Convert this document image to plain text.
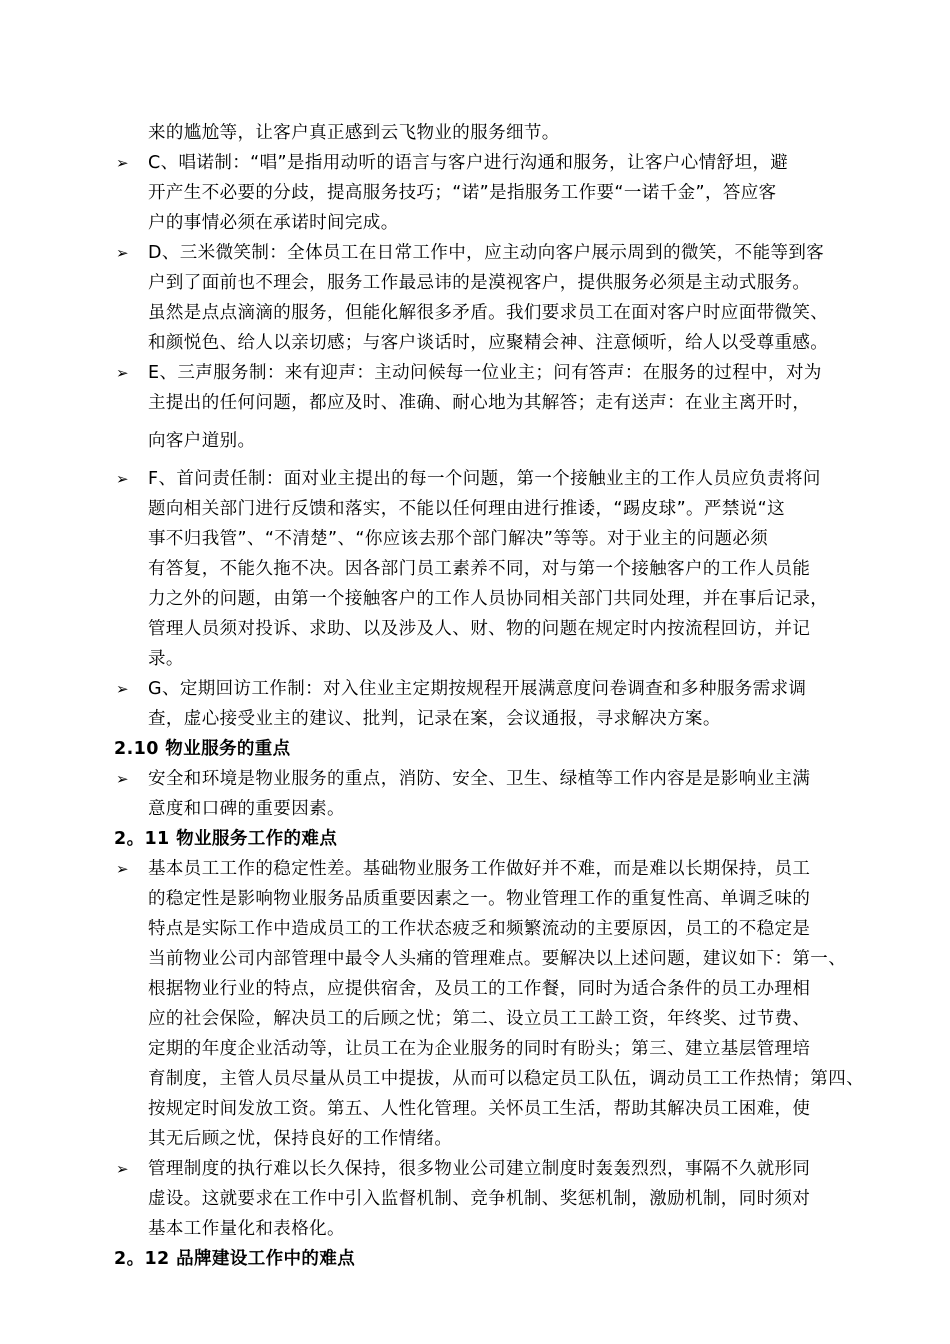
来的尴尬等，让客户真正感到云飞物业的服务细节。
➢	C、唱诺制：“唱”是指用动听的语言与客户进行沟通和服务，让客户心情舒坦，避
开产生不必要的分歧，提高服务技巧；“诺”是指服务工作要“一诺千金”，答应客
户的事情必须在承诺时间完成。
➢	D、三米微笑制：全体员工在日常工作中，应主动向客户展示周到的微笑，不能等到客
户到了面前也不理会，服务工作最忌讳的是漠视客户，提供服务必须是主动式服务。
虽然是点点滴滴的服务，但能化解很多矛盾。我们要求员工在面对客户时应面带微笑、
和颜悦色、给人以亲切感；与客户谈话时，应聚精会神、注意倾听，给人以受尊重感。
➢	E、三声服务制：来有迎声：主动问候每一位业主；问有答声：在服务的过程中，对为
主提出的任何问题，都应及时、准确、耐心地为其解答；走有送声：在业主离开时，
向客户道别。
➢	F、首问责任制：面对业主提出的每一个问题，第一个接触业主的工作人员应负责将问
题向相关部门进行反馈和落实，不能以任何理由进行推诿，“踢皮球”。严禁说“这
事不归我管”、“不清楚”、“你应该去那个部门解决”等等。对于业主的问题必须
有答复，不能久拖不决。因各部门员工素养不同，对与第一个接触客户的工作人员能
力之外的问题，由第一个接触客户的工作人员协同相关部门共同处理，并在事后记录，
管理人员须对投诉、求助、以及涉及人、财、物的问题在规定时内按流程回访，并记
录。
➢	G、定期回访工作制：对入住业主定期按规程开展满意度问卷调查和多种服务需求调
查，虚心接受业主的建议、批判，记录在案，会议通报，寻求解决方案。
2.10 物业服务的重点
➢	安全和环境是物业服务的重点，消防、安全、卫生、绿植等工作内容是是影响业主满
意度和口碑的重要因素。
2。11 物业服务工作的难点
➢	基本员工工作的稳定性差。基础物业服务工作做好并不难，而是难以长期保持，员工
的稳定性是影响物业服务品质重要因素之一。物业管理工作的重复性高、单调乏味的
特点是实际工作中造成员工的工作状态疲乏和频繁流动的主要原因，员工的不稳定是
当前物业公司内部管理中最令人头痛的管理难点。要解决以上述问题，建议如下：第一、
根据物业行业的特点，应提供宿舍，及员工的工作餐，同时为适合条件的员工办理相
应的社会保险，解决员工的后顾之忧；第二、设立员工工龄工资，年终奖、过节费、
定期的年度企业活动等，让员工在为企业服务的同时有盼头；第三、建立基层管理培
育制度，主管人员尽量从员工中提拔，从而可以稳定员工队伍，调动员工工作热情；第四、
按规定时间发放工资。第五、人性化管理。关怀员工生活，帮助其解决员工困难，使
其无后顾之忧，保持良好的工作情绪。
➢	管理制度的执行难以长久保持，很多物业公司建立制度时轰轰烈烈，事隔不久就形同
虚设。这就要求在工作中引入监督机制、竞争机制、奖惩机制，激励机制，同时须对
基本工作量化和表格化。
2。12 品牌建设工作中的难点
